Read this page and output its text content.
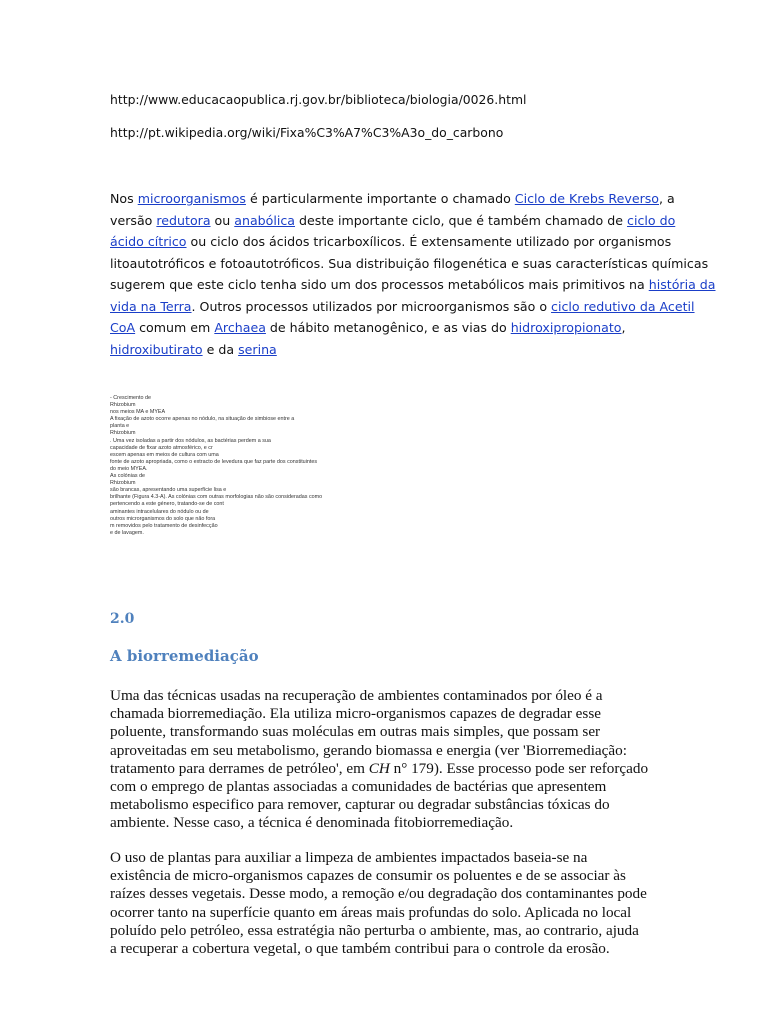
http://www.educacaopublica.rj.gov.br/biblioteca/biologia/0026.html
http://pt.wikipedia.org/wiki/Fixa%C3%A7%C3%A3o_do_carbono
Nos microorganismos é particularmente importante o chamado Ciclo de Krebs Reverso, a
versão redutora ou anabólica deste importante ciclo, que é também chamado de ciclo do
ácido cítrico ou ciclo dos ácidos tricarboxílicos. É extensamente utilizado por organismos
litoautotróficos e fotoautotróficos. Sua distribuição filogenética e suas características químicas
sugerem que este ciclo tenha sido um dos processos metabólicos mais primitivos na história da
vida na Terra. Outros processos utilizados por microorganismos são o ciclo redutivo da Acetil
CoA comum em Archaea de hábito metanogênico, e as vias do hidroxipropionato,
hidroxibutirato e da serina
- Crescimento de
Rhizobium
nos meios MA e MYEA
A fixação de azoto ocorre apenas no nódulo, na situação de simbiose entre a
planta e
Rhizobium
. Uma vez isoladas a partir dos nódulos, as bactérias perdem a sua
capacidade de fixar azoto atmosférico, e cr
escem apenas em meios de cultura com uma
fonte de azoto apropriada, como o extracto de levedura que faz parte dos constituintes
do meio MYEA.
As colónias de
Rhizobium
são brancas, apresentando uma superfície lisa e
brilhante (Figura 4.3-A). As colónias com outras morfologias não são consideradas como
pertencendo a este género, tratando-se de cont
aminantes intracelulares do nódulo ou de
outros microrganismos do solo que não fora
m removidos pelo tratamento de desinfecção
e de lavagem.
2.0
A biorremediação
Uma das técnicas usadas na recuperação de ambientes contaminados por óleo é a
chamada biorremediação. Ela utiliza micro-organismos capazes de degradar esse
poluente, transformando suas moléculas em outras mais simples, que possam ser
aproveitadas em seu metabolismo, gerando biomassa e energia (ver 'Biorremediação:
tratamento para derrames de petróleo', em CH n° 179). Esse processo pode ser reforçado
com o emprego de plantas associadas a comunidades de bactérias que apresentem
metabolismo especifico para remover, capturar ou degradar substâncias tóxicas do
ambiente. Nesse caso, a técnica é denominada fitobiorremediação.
O uso de plantas para auxiliar a limpeza de ambientes impactados baseia-se na
existência de micro-organismos capazes de consumir os poluentes e de se associar às
raízes desses vegetais. Desse modo, a remoção e/ou degradação dos contaminantes pode
ocorrer tanto na superfície quanto em áreas mais profundas do solo. Aplicada no local
poluído pelo petróleo, essa estratégia não perturba o ambiente, mas, ao contrario, ajuda
a recuperar a cobertura vegetal, o que também contribui para o controle da erosão.
